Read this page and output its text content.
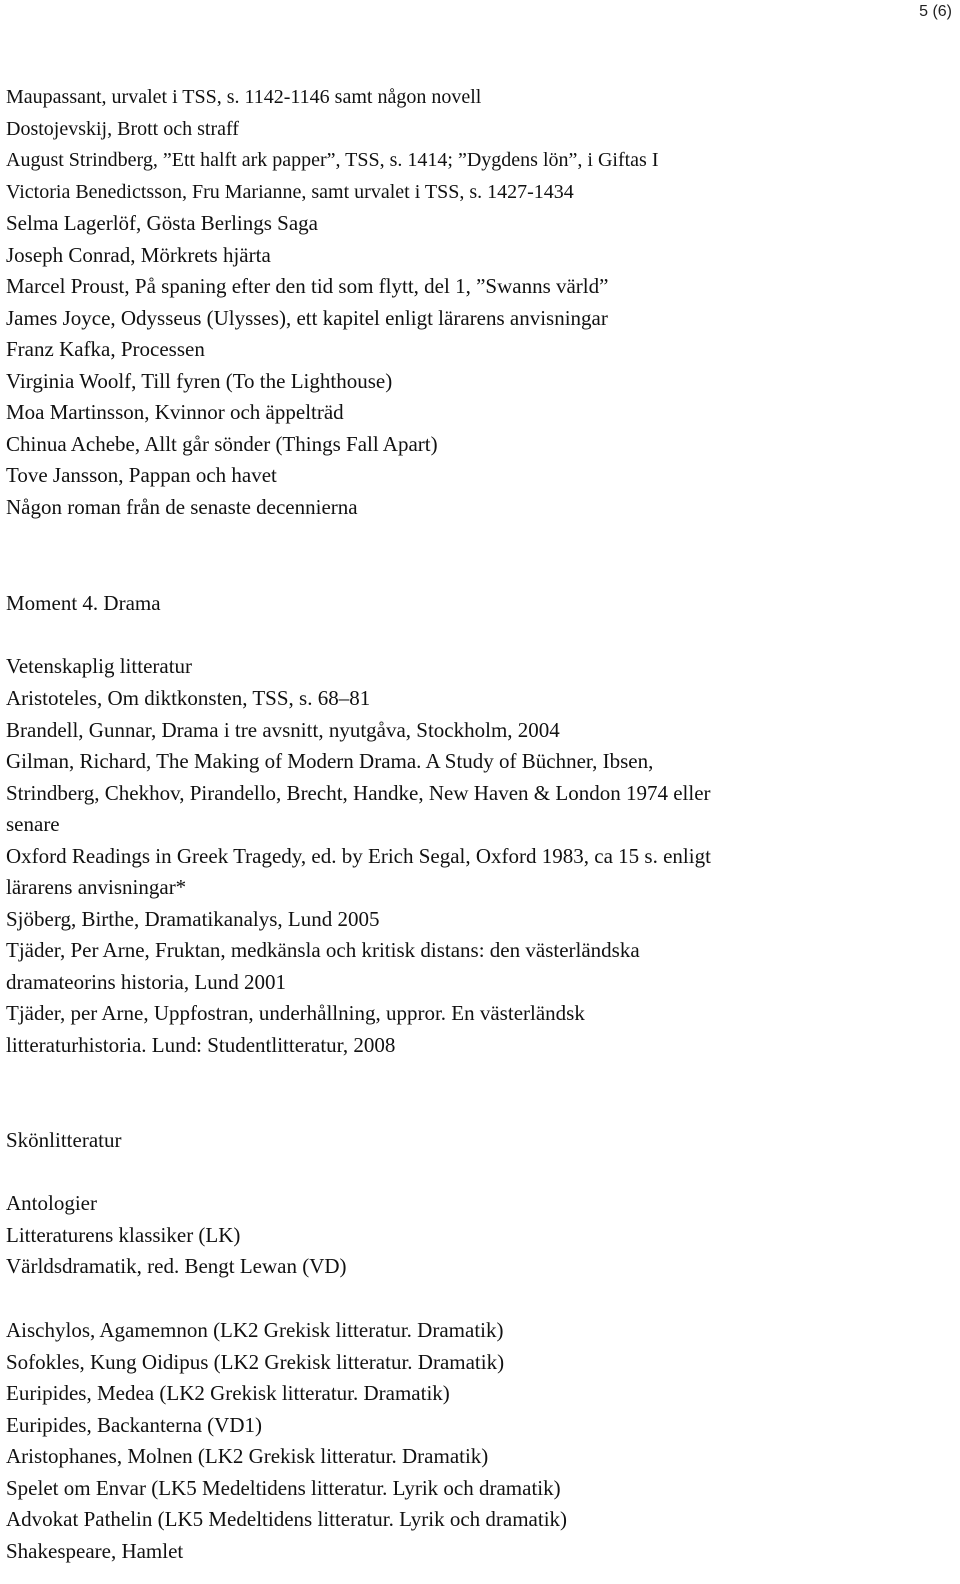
5 (6)
Maupassant, urvalet i TSS, s. 1142-1146 samt någon novell
Dostojevskij, Brott och straff
August Strindberg, ”Ett halft ark papper”, TSS, s. 1414; ”Dygdens lön”, i Giftas I
Victoria Benedictsson, Fru Marianne, samt urvalet i TSS, s. 1427-1434
Selma Lagerlöf, Gösta Berlings Saga
Joseph Conrad, Mörkrets hjärta
Marcel Proust, På spaning efter den tid som flytt, del 1, ”Swanns värld”
James Joyce, Odysseus (Ulysses), ett kapitel enligt lärarens anvisningar
Franz Kafka, Processen
Virginia Woolf, Till fyren (To the Lighthouse)
Moa Martinsson, Kvinnor och äppelträd
Chinua Achebe, Allt går sönder (Things Fall Apart)
Tove Jansson, Pappan och havet
Någon roman från de senaste decennierna
Moment 4. Drama
Vetenskaplig litteratur
Aristoteles, Om diktkonsten, TSS, s. 68–81
Brandell, Gunnar, Drama i tre avsnitt, nyutgåva, Stockholm, 2004
Gilman, Richard, The Making of Modern Drama. A Study of Büchner, Ibsen,
Strindberg, Chekhov, Pirandello, Brecht, Handke, New Haven & London 1974 eller
senare
Oxford Readings in Greek Tragedy, ed. by Erich Segal, Oxford 1983, ca 15 s. enligt
lärarens anvisningar*
Sjöberg, Birthe, Dramatikanalys, Lund 2005
Tjäder, Per Arne, Fruktan, medkänsla och kritisk distans: den västerländska
dramateorins historia, Lund 2001
Tjäder, per Arne, Uppfostran, underhållning, uppror. En västerländsk
litteraturhistoria. Lund: Studentlitteratur, 2008
Skönlitteratur
Antologier
Litteraturens klassiker (LK)
Världsdramatik, red. Bengt Lewan (VD)
Aischylos, Agamemnon (LK2 Grekisk litteratur. Dramatik)
Sofokles, Kung Oidipus (LK2 Grekisk litteratur. Dramatik)
Euripides, Medea (LK2 Grekisk litteratur. Dramatik)
Euripides, Backanterna (VD1)
Aristophanes, Molnen (LK2 Grekisk litteratur. Dramatik)
Spelet om Envar (LK5 Medeltidens litteratur. Lyrik och dramatik)
Advokat Pathelin (LK5 Medeltidens litteratur. Lyrik och dramatik)
Shakespeare, Hamlet
